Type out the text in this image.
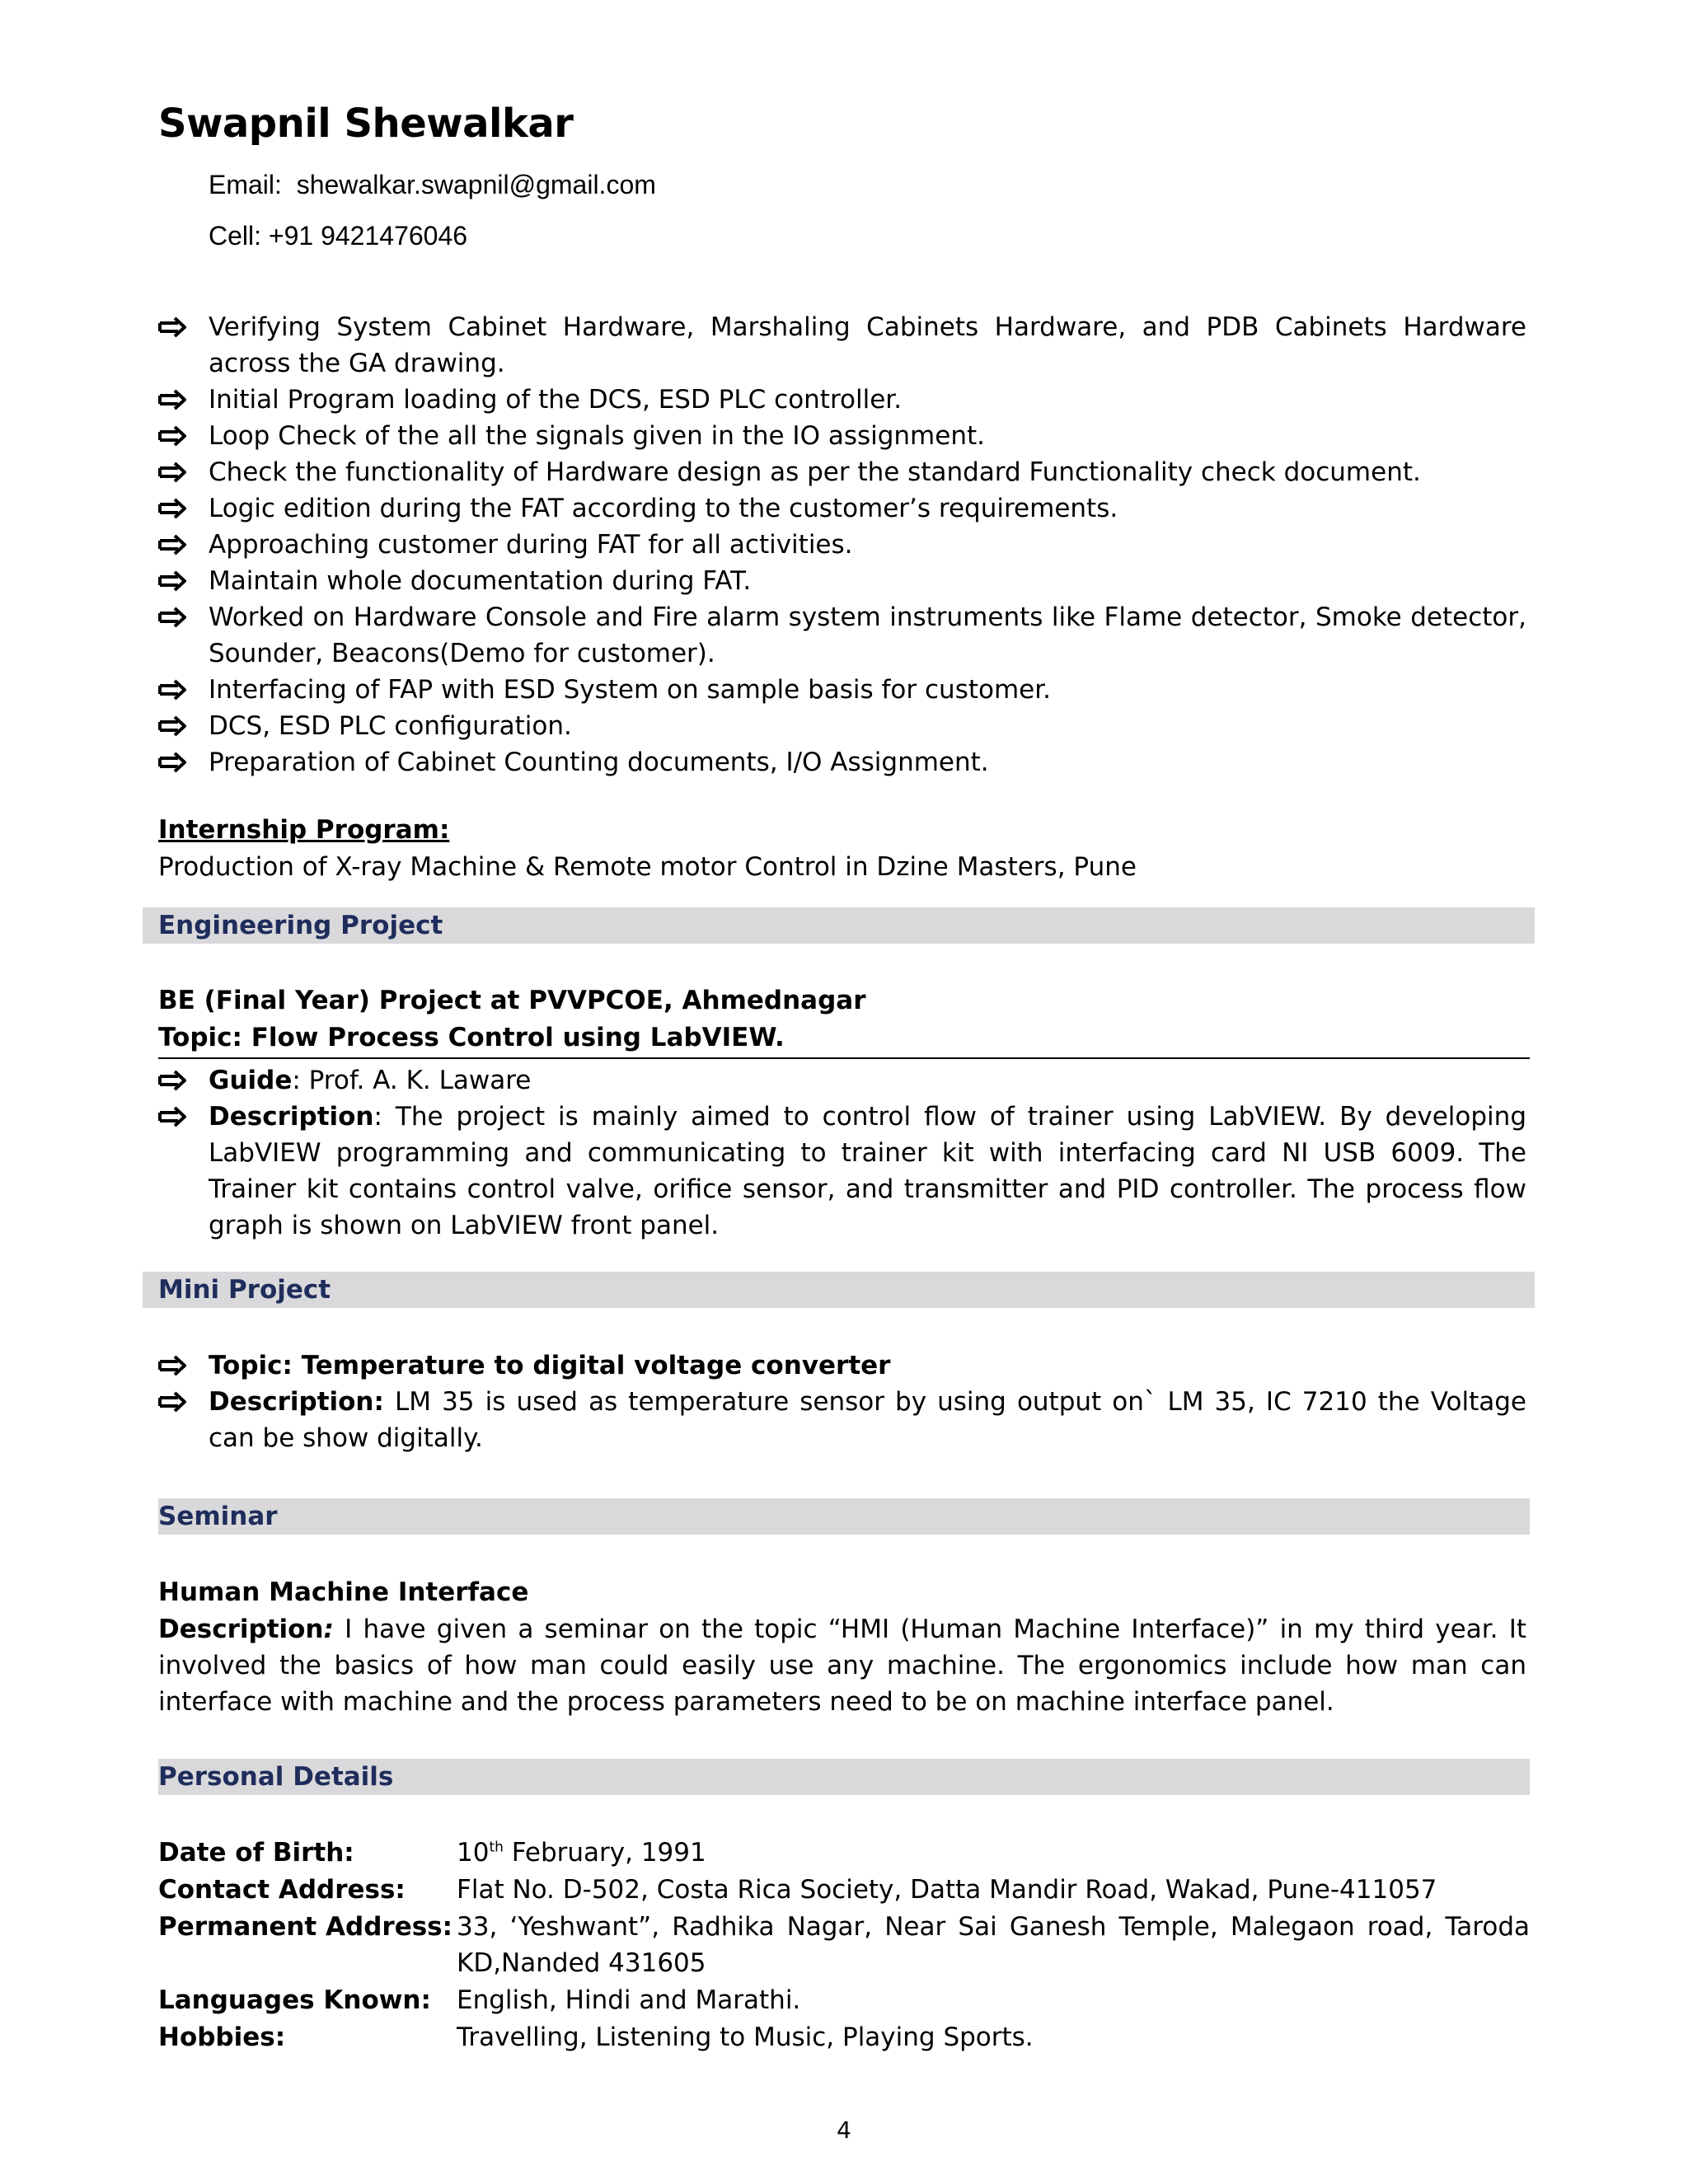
Swapnil Shewalkar
Email: shewalkar.swapnil@gmail.com
Cell: +91 9421476046
Verifying System Cabinet Hardware, Marshaling Cabinets Hardware, and PDB Cabinets Hardware across the GA drawing.
Initial Program loading of the DCS, ESD PLC controller.
Loop Check of the all the signals given in the IO assignment.
Check the functionality of Hardware design as per the standard Functionality check document.
Logic edition during the FAT according to the customer’s requirements.
Approaching customer during FAT for all activities.
Maintain whole documentation during FAT.
Worked on Hardware Console and Fire alarm system instruments like Flame detector, Smoke detector, Sounder, Beacons(Demo for customer).
Interfacing of FAP with ESD System on sample basis for customer.
DCS, ESD PLC configuration.
Preparation of Cabinet Counting documents, I/O Assignment.
Internship Program:
Production of X-ray Machine & Remote motor Control in Dzine Masters, Pune
Engineering Project
BE (Final Year) Project at PVVPCOE, Ahmednagar
Topic: Flow Process Control using LabVIEW.
Guide: Prof. A. K. Laware
Description: The project is mainly aimed to control flow of trainer using LabVIEW. By developing LabVIEW programming and communicating to trainer kit with interfacing card NI USB 6009. The Trainer kit contains control valve, orifice sensor, and transmitter and PID controller. The process flow graph is shown on LabVIEW front panel.
Mini Project
Topic: Temperature to digital voltage converter
Description: LM 35 is used as temperature sensor by using output on` LM 35, IC 7210 the Voltage can be show digitally.
Seminar
Human Machine Interface
Description: I have given a seminar on the topic “HMI (Human Machine Interface)” in my third year. It involved the basics of how man could easily use any machine. The ergonomics include how man can interface with machine and the process parameters need to be on machine interface panel.
Personal Details
Date of Birth:	10th February, 1991
Contact Address: Flat No. D-502, Costa Rica Society, Datta Mandir Road, Wakad, Pune-411057
Permanent Address: 33, ‘Yeshwant”, Radhika Nagar, Near Sai Ganesh Temple, Malegaon road, Taroda KD,Nanded 431605
Languages Known: English, Hindi and Marathi.
Hobbies:	Travelling, Listening to Music, Playing Sports.
4
